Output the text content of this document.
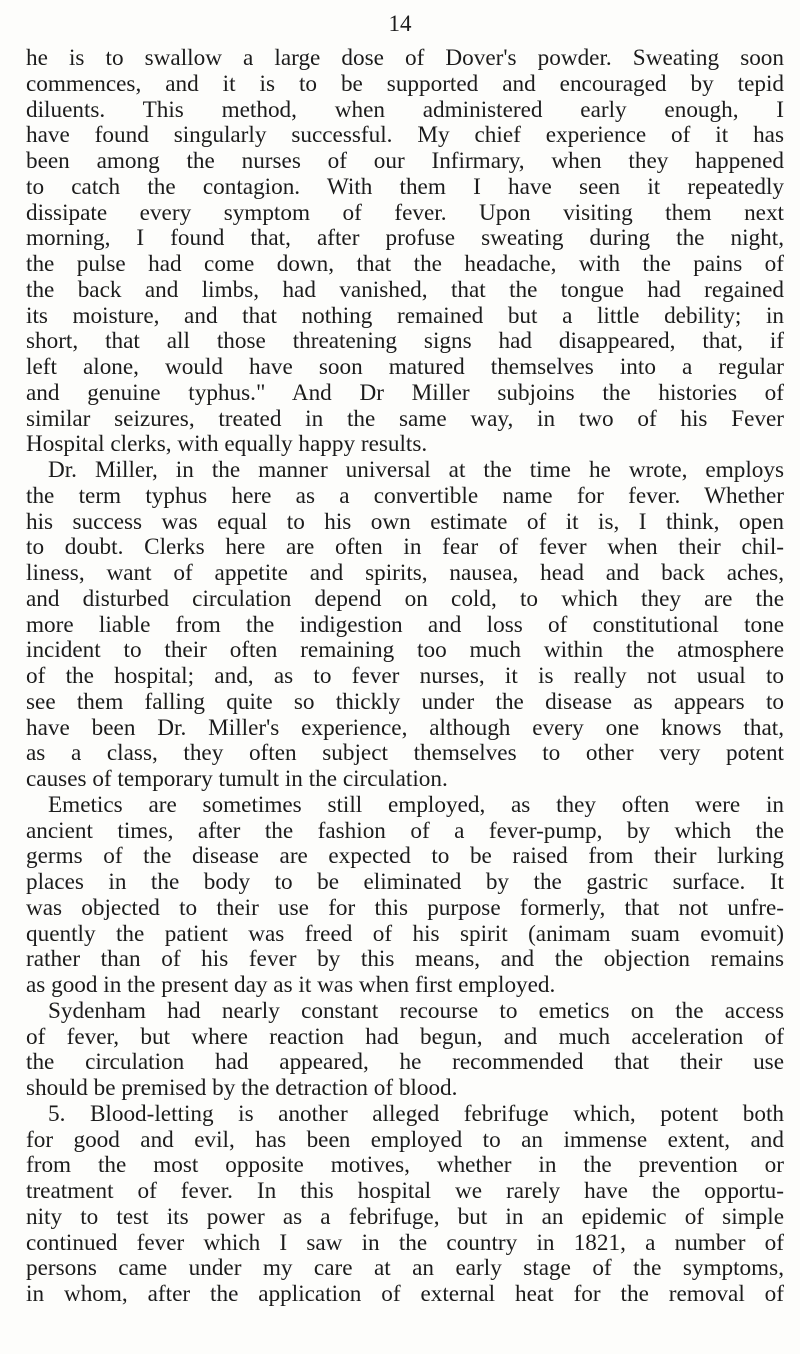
14
he is to swallow a large dose of Dover's powder. Sweating soon
commences, and it is to be supported and encouraged by tepid
diluents. This method, when administered early enough, I
have found singularly successful. My chief experience of it has
been among the nurses of our Infirmary, when they happened
to catch the contagion. With them I have seen it repeatedly
dissipate every symptom of fever. Upon visiting them next
morning, I found that, after profuse sweating during the night,
the pulse had come down, that the headache, with the pains of
the back and limbs, had vanished, that the tongue had regained
its moisture, and that nothing remained but a little debility; in
short, that all those threatening signs had disappeared, that, if
left alone, would have soon matured themselves into a regular
and genuine typhus." And Dr Miller subjoins the histories of
similar seizures, treated in the same way, in two of his Fever
Hospital clerks, with equally happy results.
Dr. Miller, in the manner universal at the time he wrote, employs
the term typhus here as a convertible name for fever. Whether
his success was equal to his own estimate of it is, I think, open
to doubt. Clerks here are often in fear of fever when their chil-
liness, want of appetite and spirits, nausea, head and back aches,
and disturbed circulation depend on cold, to which they are the
more liable from the indigestion and loss of constitutional tone
incident to their often remaining too much within the atmosphere
of the hospital; and, as to fever nurses, it is really not usual to
see them falling quite so thickly under the disease as appears to
have been Dr. Miller's experience, although every one knows that,
as a class, they often subject themselves to other very potent
causes of temporary tumult in the circulation.
Emetics are sometimes still employed, as they often were in
ancient times, after the fashion of a fever-pump, by which the
germs of the disease are expected to be raised from their lurking
places in the body to be eliminated by the gastric surface. It
was objected to their use for this purpose formerly, that not unfre-
quently the patient was freed of his spirit (animam suam evomuit)
rather than of his fever by this means, and the objection remains
as good in the present day as it was when first employed.
Sydenham had nearly constant recourse to emetics on the access
of fever, but where reaction had begun, and much acceleration of
the circulation had appeared, he recommended that their use
should be premised by the detraction of blood.
5. Blood-letting is another alleged febrifuge which, potent both
for good and evil, has been employed to an immense extent, and
from the most opposite motives, whether in the prevention or
treatment of fever. In this hospital we rarely have the opportu-
nity to test its power as a febrifuge, but in an epidemic of simple
continued fever which I saw in the country in 1821, a number of
persons came under my care at an early stage of the symptoms,
in whom, after the application of external heat for the removal of
